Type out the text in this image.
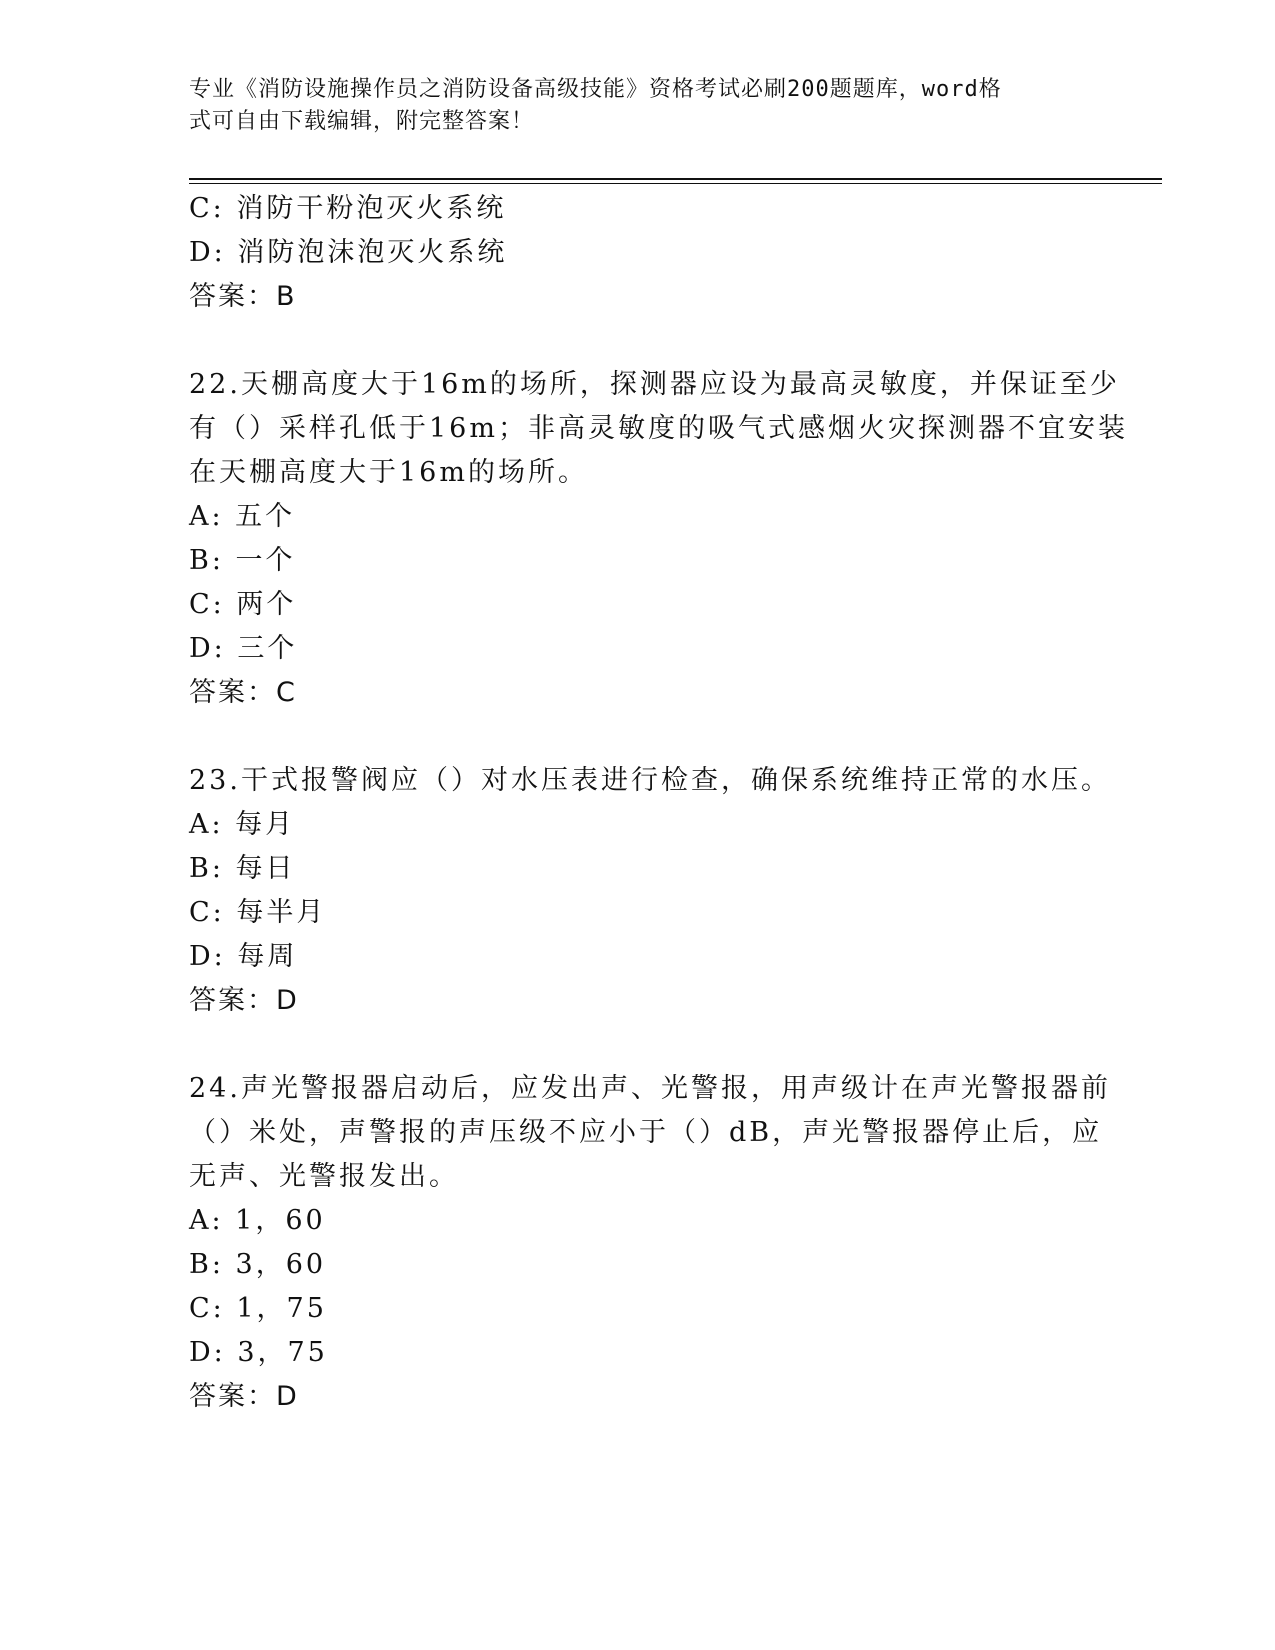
专业《消防设施操作员之消防设备高级技能》资格考试必刷200题题库，word格
式可自由下载编辑，附完整答案！
C: 消防干粉泡灭火系统
D: 消防泡沫泡灭火系统
答案：B
22.天棚高度大于16m的场所，探测器应设为最高灵敏度，并保证至少
有（）采样孔低于16m；非高灵敏度的吸气式感烟火灾探测器不宜安装
在天棚高度大于16m的场所。
A: 五个
B: 一个
C: 两个
D: 三个
答案：C
23.干式报警阀应（）对水压表进行检查，确保系统维持正常的水压。
A: 每月
B: 每日
C: 每半月
D: 每周
答案：D
24.声光警报器启动后，应发出声、光警报，用声级计在声光警报器前
（）米处，声警报的声压级不应小于（）dB，声光警报器停止后，应
无声、光警报发出。
A: 1，60
B: 3，60
C: 1，75
D: 3，75
答案：D
